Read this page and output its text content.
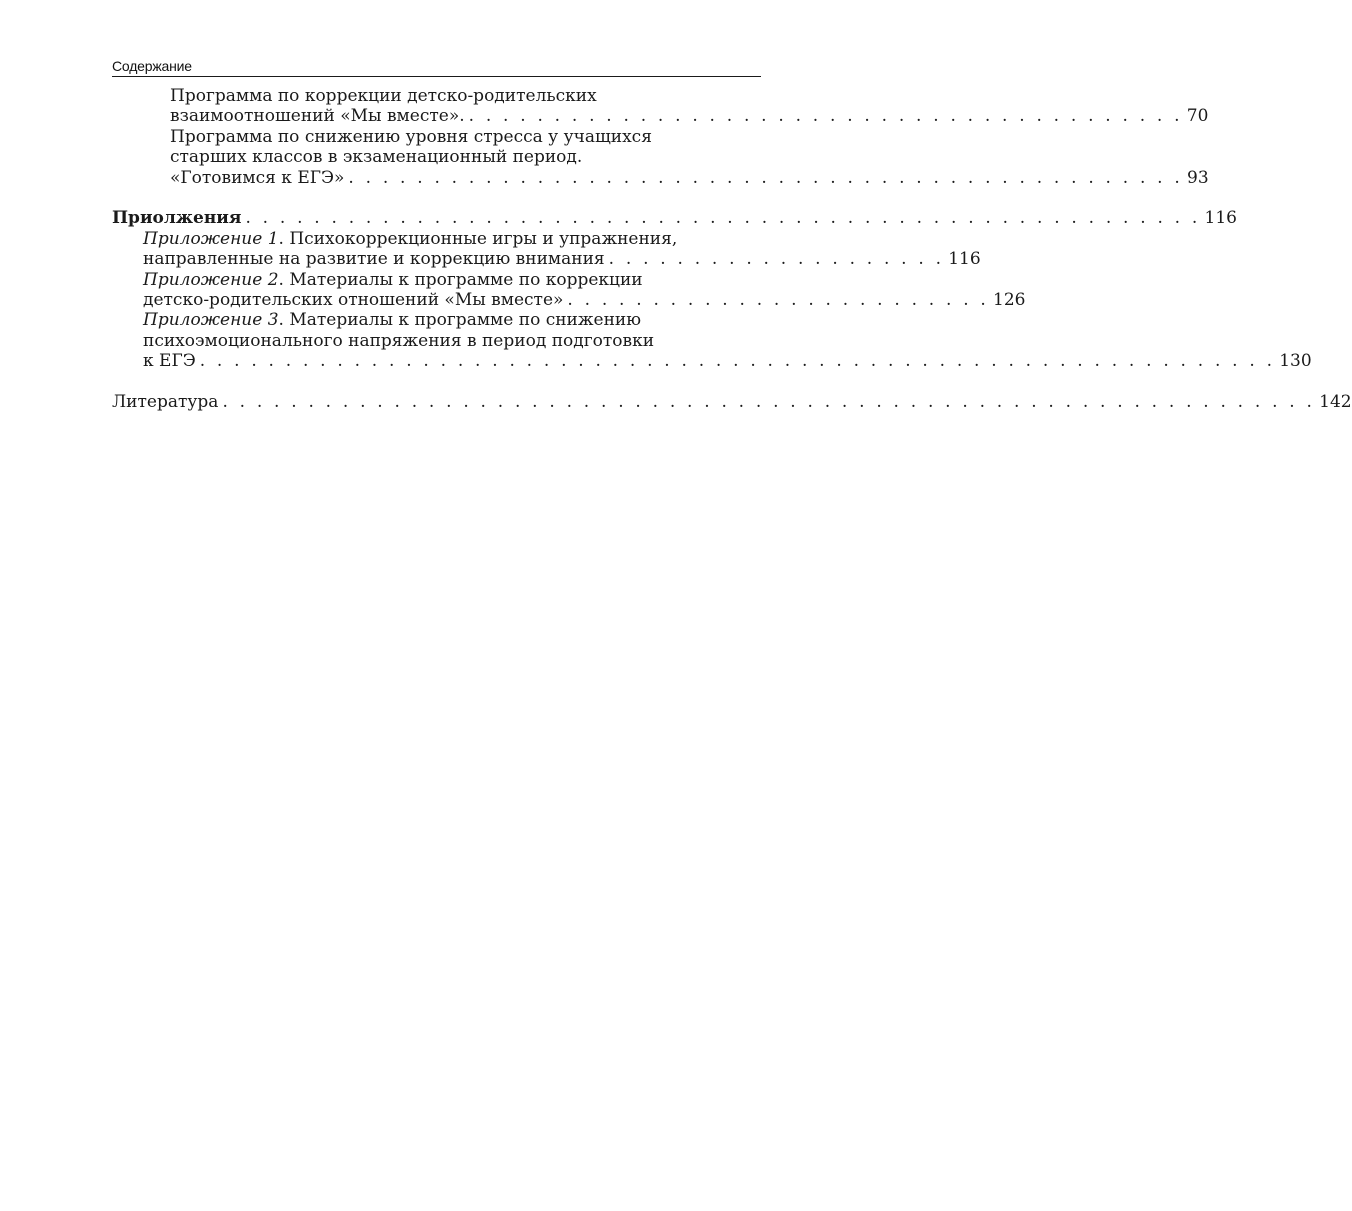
Содержание
Программа по коррекции детско-родительских
взаимоотношений «Мы вместе». . . . . . . . . . . . . . . . . . . . . . . . . . . . . . . . . . . . . . . . . . . 70
Программа по снижению уровня стресса у учащихся
старших классов в экзаменационный период.
«Готовимся к ЕГЭ» . . . . . . . . . . . . . . . . . . . . . . . . . . . . . . . . . . . . . . . . . . . . . . . . . 93
Приолжения . . . . . . . . . . . . . . . . . . . . . . . . . . . . . . . . . . . . . . . . . . . . . . . . . . . . . . . . 116
Приложение 1. Психокоррекционные игры и упражнения,
направленные на развитие и коррекцию внимания . . . . . . . . . . . . . . . . . . . . 116
Приложение 2. Материалы к программе по коррекции
детско-родительских отношений «Мы вместе» . . . . . . . . . . . . . . . . . . . . . . . . . 126
Приложение 3. Материалы к программе по снижению
психоэмоционального напряжения в период подготовки
к ЕГЭ . . . . . . . . . . . . . . . . . . . . . . . . . . . . . . . . . . . . . . . . . . . . . . . . . . . . . . . . . . . . . . . 130
Литература . . . . . . . . . . . . . . . . . . . . . . . . . . . . . . . . . . . . . . . . . . . . . . . . . . . . . . . . . . . . . . . . 142
